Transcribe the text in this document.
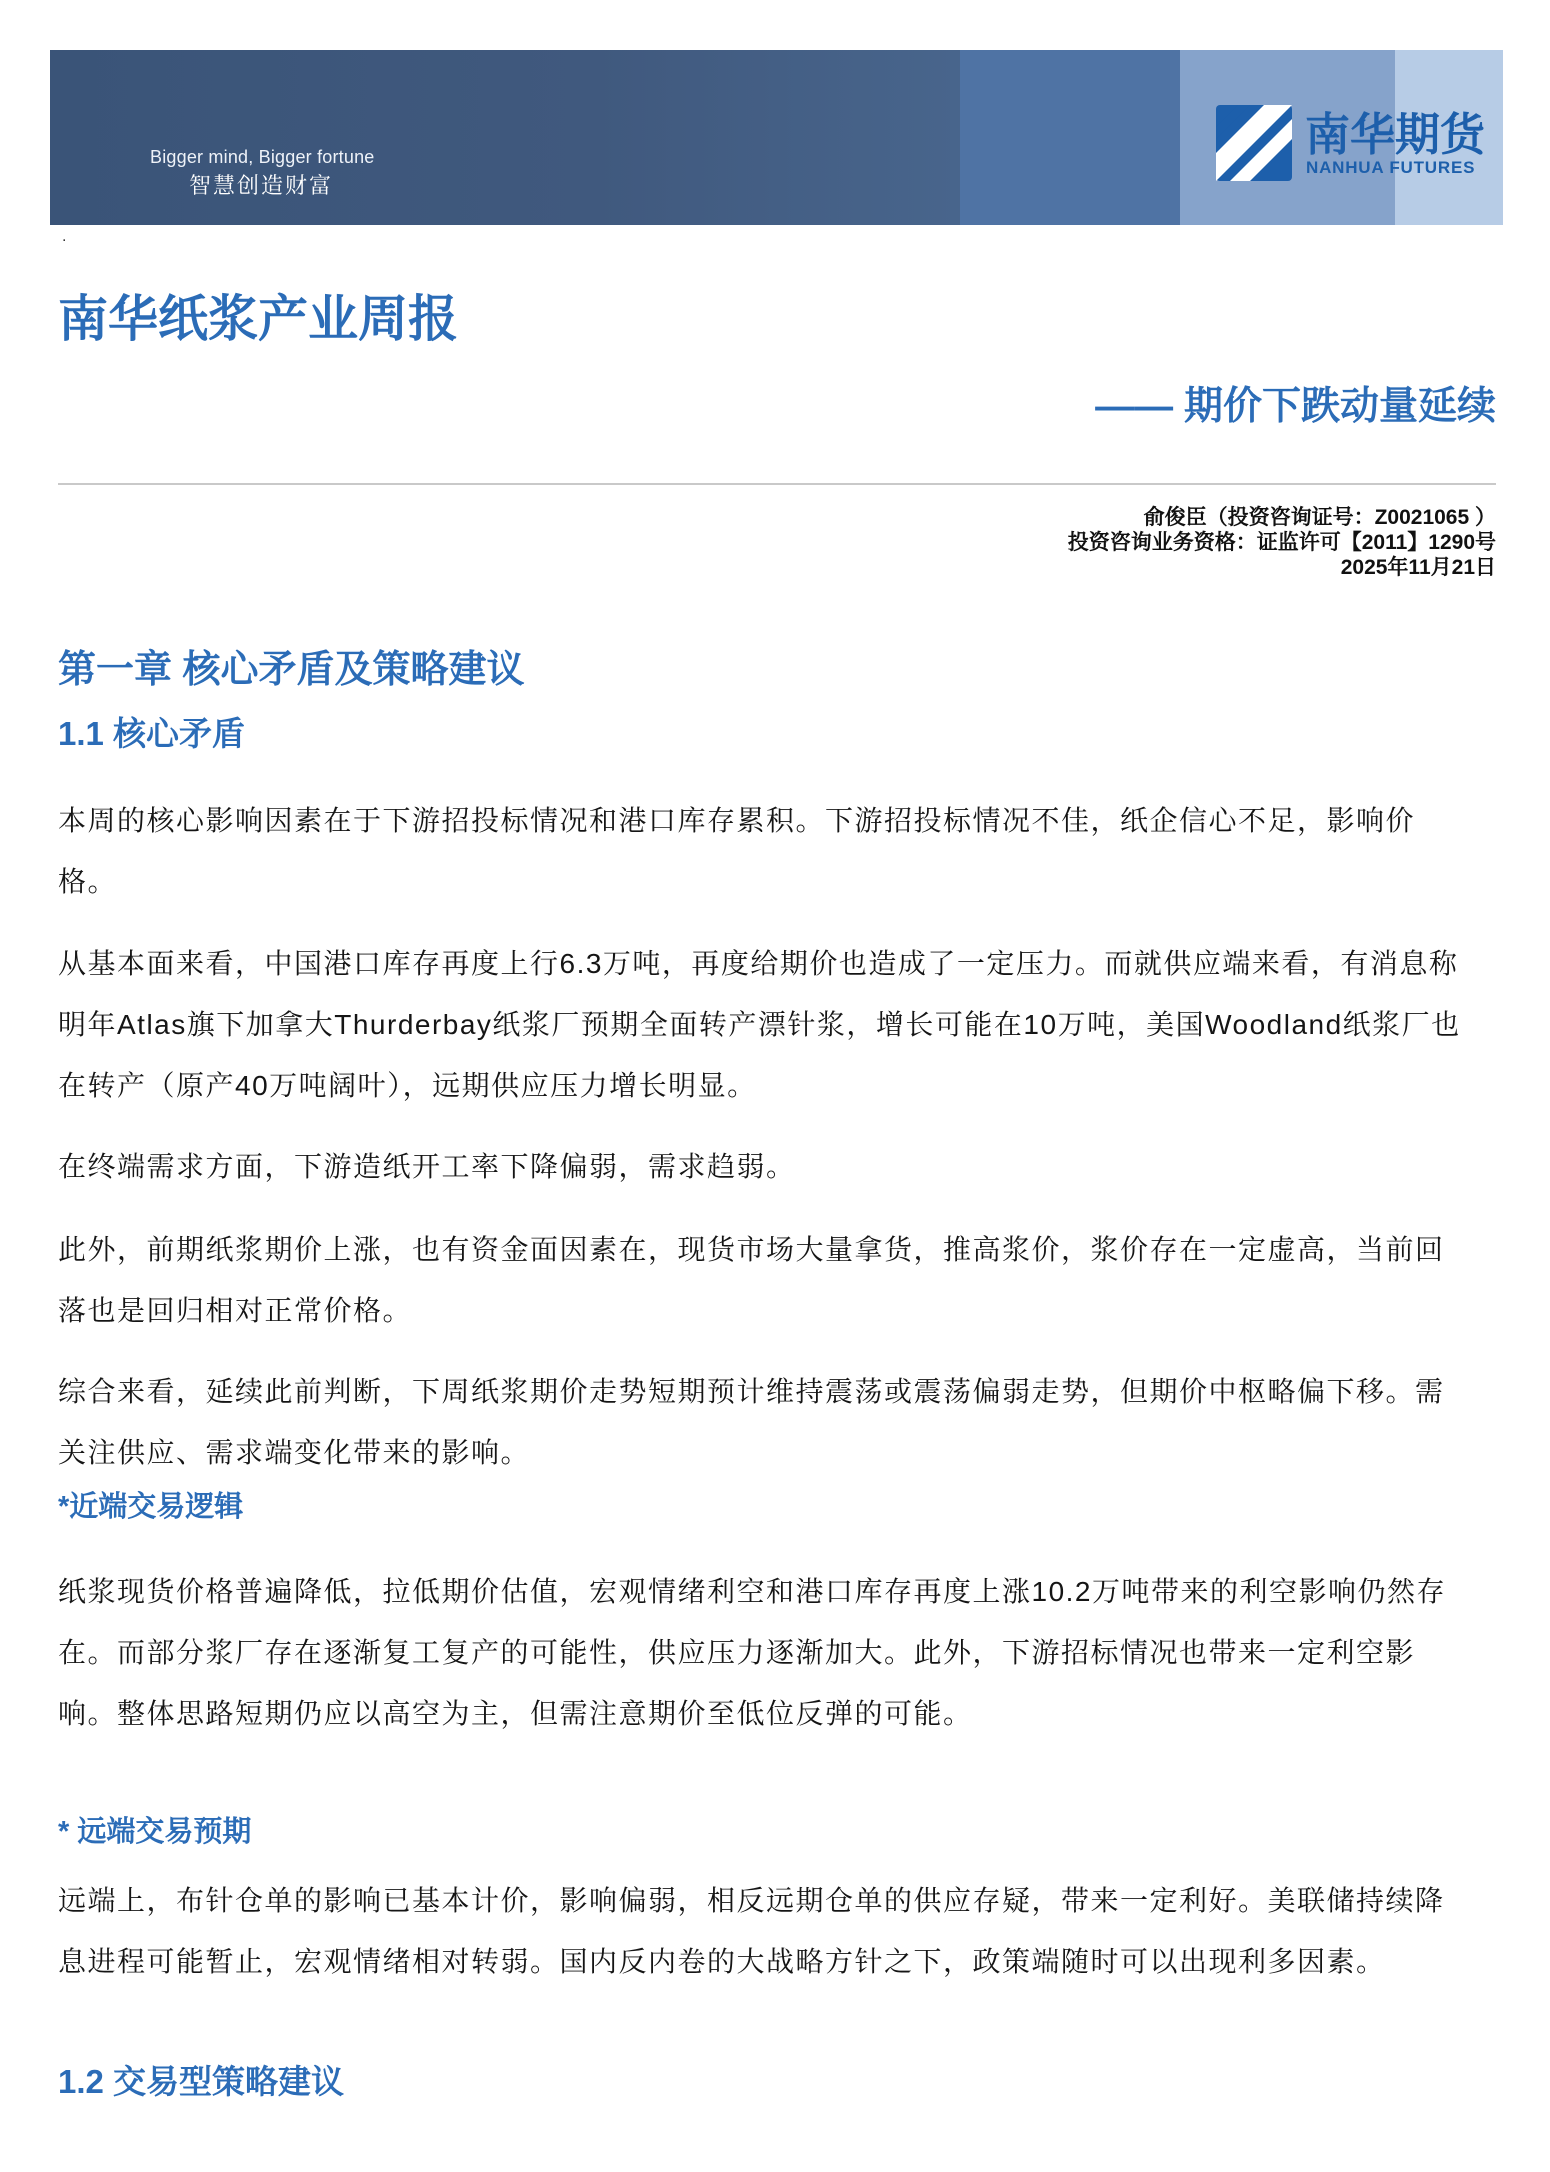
Bigger mind, Bigger fortune
智慧创造财富
南华期货
NANHUA FUTURES
.
南华纸浆产业周报
—— 期价下跌动量延续
俞俊臣（投资咨询证号：Z0021065 ）
投资咨询业务资格：证监许可【2011】1290号
2025年11月21日
第一章 核心矛盾及策略建议
1.1 核心矛盾
本周的核心影响因素在于下游招投标情况和港口库存累积。下游招投标情况不佳，纸企信心不足，影响价
格。
从基本面来看，中国港口库存再度上行6.3万吨，再度给期价也造成了一定压力。而就供应端来看，有消息称
明年Atlas旗下加拿大Thurderbay纸浆厂预期全面转产漂针浆，增长可能在10万吨，美国Woodland纸浆厂也
在转产（原产40万吨阔叶），远期供应压力增长明显。
在终端需求方面，下游造纸开工率下降偏弱，需求趋弱。
此外，前期纸浆期价上涨，也有资金面因素在，现货市场大量拿货，推高浆价，浆价存在一定虚高，当前回
落也是回归相对正常价格。
综合来看，延续此前判断，下周纸浆期价走势短期预计维持震荡或震荡偏弱走势，但期价中枢略偏下移。需
关注供应、需求端变化带来的影响。
*近端交易逻辑
纸浆现货价格普遍降低，拉低期价估值，宏观情绪利空和港口库存再度上涨10.2万吨带来的利空影响仍然存
在。而部分浆厂存在逐渐复工复产的可能性，供应压力逐渐加大。此外，下游招标情况也带来一定利空影
响。整体思路短期仍应以高空为主，但需注意期价至低位反弹的可能。
* 远端交易预期
远端上，布针仓单的影响已基本计价，影响偏弱，相反远期仓单的供应存疑，带来一定利好。美联储持续降
息进程可能暂止，宏观情绪相对转弱。国内反内卷的大战略方针之下，政策端随时可以出现利多因素。
1.2 交易型策略建议
